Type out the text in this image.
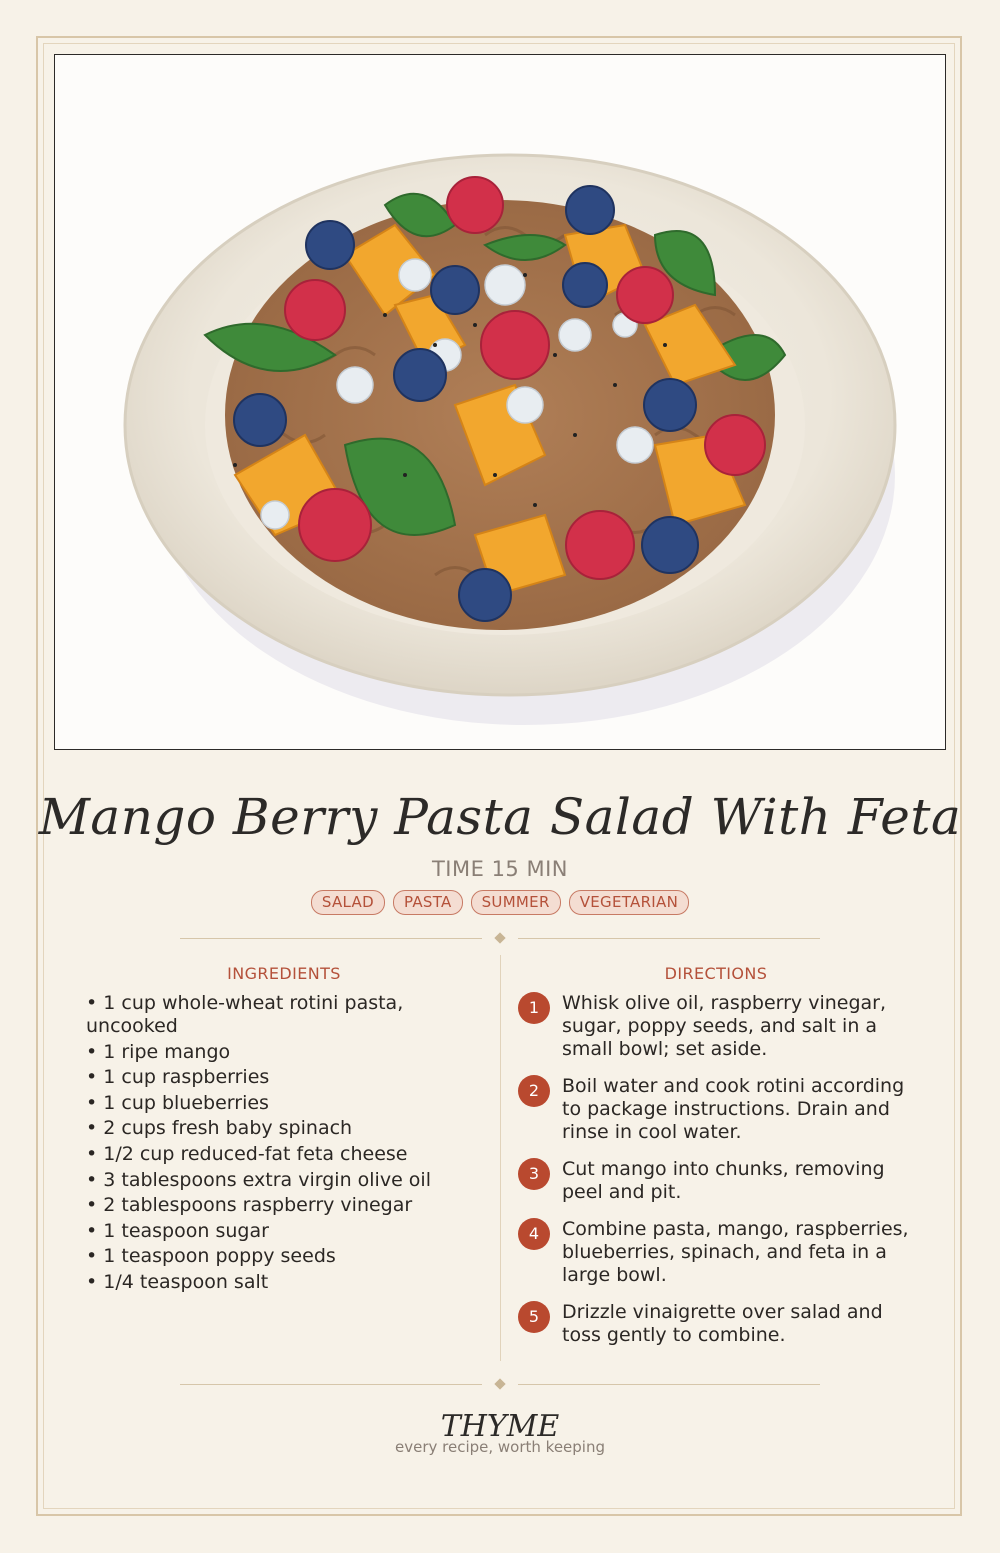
Mango Berry Pasta Salad With Feta
TIME 15 MIN
SALAD	PASTA	SUMMER	VEGETARIAN
INGREDIENTS
• 1 cup whole-wheat rotini pasta, uncooked
• 1 ripe mango
• 1 cup raspberries
• 1 cup blueberries
• 2 cups fresh baby spinach
• 1/2 cup reduced-fat feta cheese
• 3 tablespoons extra virgin olive oil
• 2 tablespoons raspberry vinegar
• 1 teaspoon sugar
• 1 teaspoon poppy seeds
• 1/4 teaspoon salt
DIRECTIONS
1	Whisk olive oil, raspberry vinegar, sugar, poppy seeds, and salt in a small bowl; set aside.
2	Boil water and cook rotini according to package instructions. Drain and rinse in cool water.
3	Cut mango into chunks, removing peel and pit.
4	Combine pasta, mango, raspberries, blueberries, spinach, and feta in a large bowl.
5	Drizzle vinaigrette over salad and toss gently to combine.
THYME
every recipe, worth keeping
